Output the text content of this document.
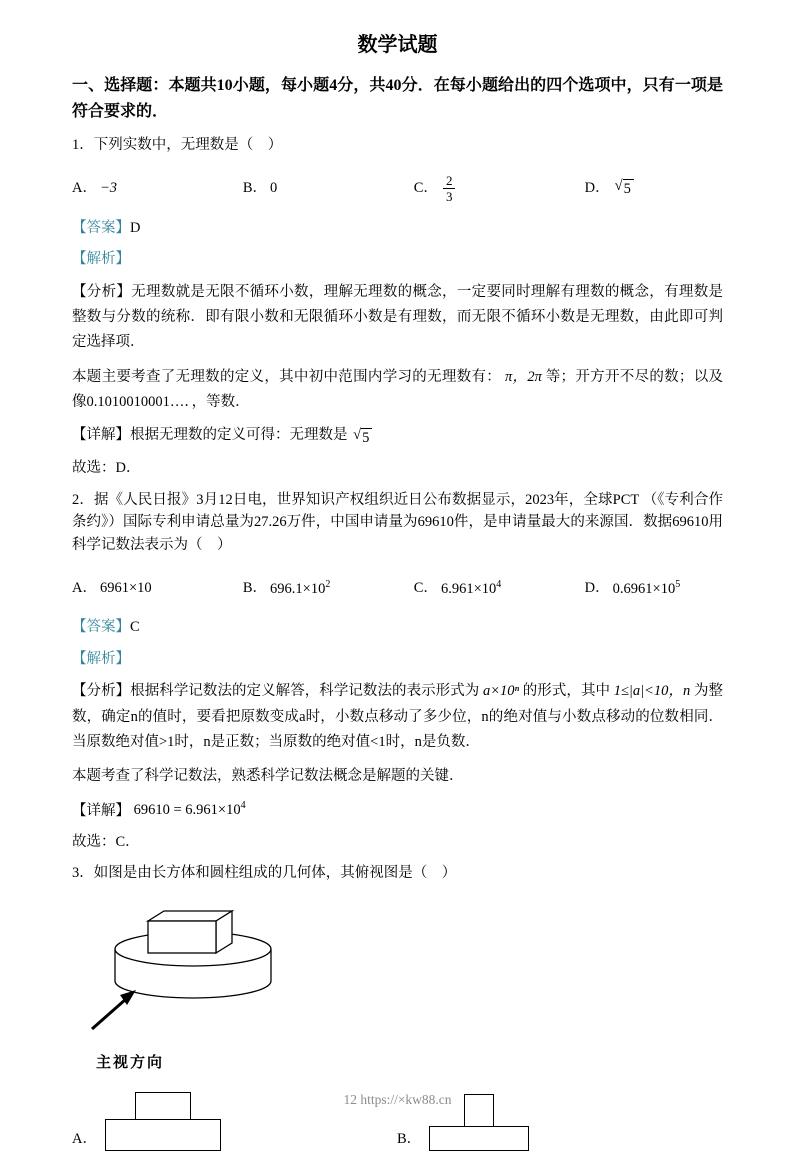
数学试题
一、选择题：本题共10小题，每小题4分，共40分．在每小题给出的四个选项中，只有一项是符合要求的．
1．下列实数中，无理数是（　）
A． −3	B． 0	C． $\frac{2}{3}$	D． √ 5
【答案】D
【解析】
【分析】无理数就是无限不循环小数，理解无理数的概念，一定要同时理解有理数的概念，有理数是整数与分数的统称．即有限小数和无限循环小数是有理数，而无限不循环小数是无理数，由此即可判定选择项．
本题主要考查了无理数的定义，其中初中范围内学习的无理数有： π，2π 等；开方开不尽的数；以及像0.1010010001…．，等数．
【详解】根据无理数的定义可得：无理数是 √ 5
故选：D．
2．据《人民日报》3月12日电，世界知识产权组织近日公布数据显示，2023年，全球PCT （《专利合作条约》）国际专利申请总量为27.26万件，中国申请量为69610件，是申请量最大的来源国．数据69610用科学记数法表示为（　）
A． 6961×10	B． $696.1\times 10^2$	C． $6.961\times 10^4$	D． $0.6961\times 10^5$
【答案】C
【解析】
【分析】根据科学记数法的定义解答，科学记数法的表示形式为 a×10ⁿ 的形式，其中 1≤|a|<10，n 为整数，确定n的值时，要看把原数变成a时，小数点移动了多少位，n的绝对值与小数点移动的位数相同．当原数绝对值>1时，n是正数；当原数的绝对值<1时，n是负数．
本题考查了科学记数法，熟悉科学记数法概念是解题的关键．
【详解】 $69610 = 6.961\times 10^4$
故选：C．
3．如图是由长方体和圆柱组成的几何体，其俯视图是（　）
主视方向
A．	B．
12 https://×kw88.cn
